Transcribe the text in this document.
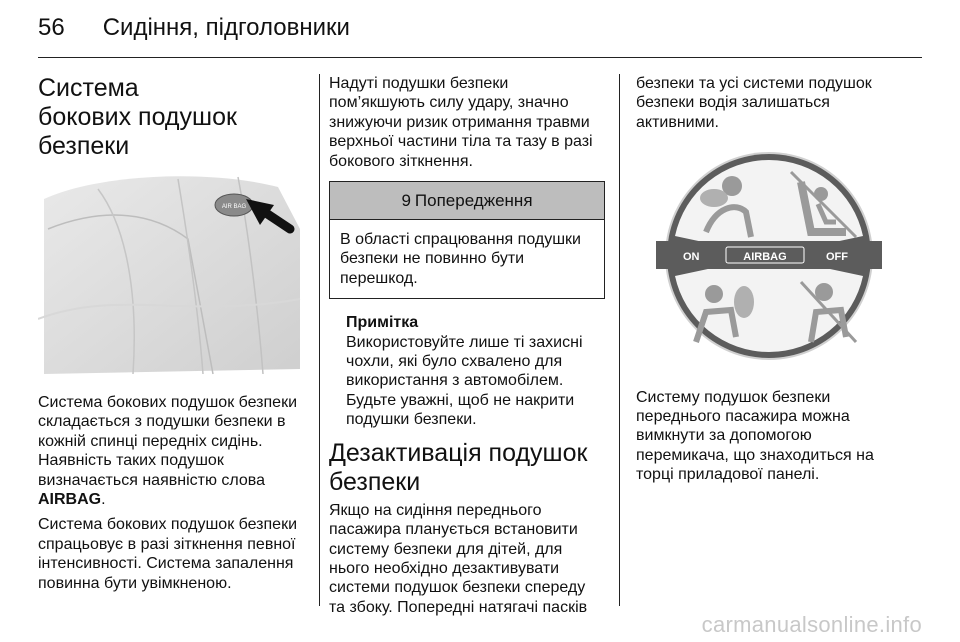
56 Сидіння, підголовники
Система бокових подушок безпеки
AIR BAG

Система бокових подушок безпеки
складається з подушки безпеки в
кожній спинці передніх сидінь.
Наявність таких подушок
визначається наявністю слова
AIRBAG.

Система бокових подушок безпеки
спрацьовує в разі зіткнення певної
інтенсивності. Система запалення
повинна бути увімкненою.

Надуті подушки безпеки
пом’якшують силу удару, значно
знижуючи ризик отримання травми
верхньої частини тіла та тазу в разі
бокового зіткнення.

9 Попередження

В області спрацювання подушки
безпеки не повинно бути
перешкод.

Примітка

Використовуйте лише ті захисні
чохли, які було схвалено для
використання з автомобілем.
Будьте уважні, щоб не накрити
подушки безпеки.

Дезактивація подушок
безпеки

Якщо на сидіння переднього
пасажира планується встановити
систему безпеки для дітей, для
нього необхідно дезактивувати
системи подушок безпеки спереду
та збоку. Попередні натягачі пасків

безпеки та усі системи подушок
безпеки водія залишаться
активними.

ON	AIRBAG	OFF

Систему подушок безпеки
переднього пасажира можна
вимкнути за допомогою
перемикача, що знаходиться на
торці приладової панелі.

carmanualsonline.info
